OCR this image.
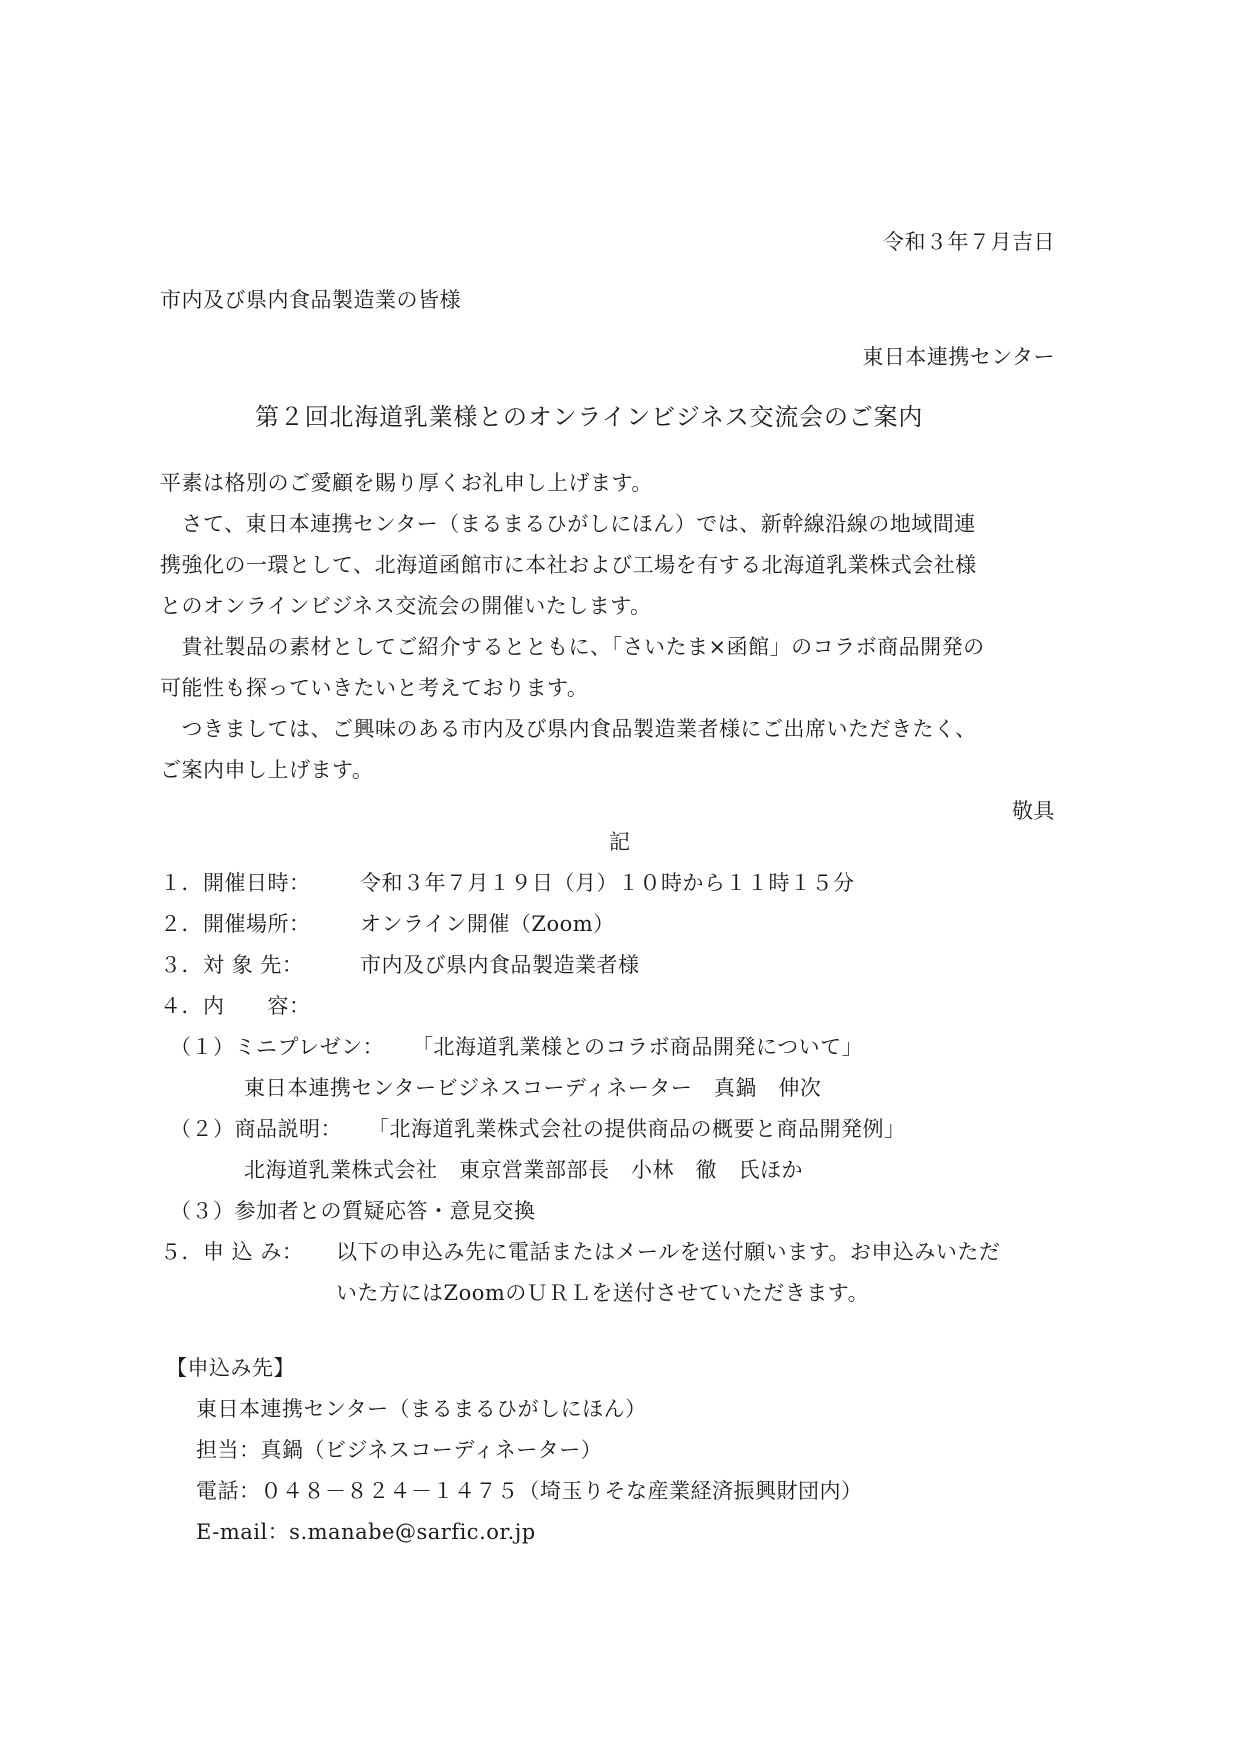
令和３年７月吉日
市内及び県内食品製造業の皆様
東日本連携センター
第２回北海道乳業様とのオンラインビジネス交流会のご案内
平素は格別のご愛顧を賜り厚くお礼申し上げます。
　さて、東日本連携センター（まるまるひがしにほん）では、新幹線沿線の地域間連
携強化の一環として、北海道函館市に本社および工場を有する北海道乳業株式会社様
とのオンラインビジネス交流会の開催いたします。
　貴社製品の素材としてご紹介するとともに、「さいたま×函館」のコラボ商品開発の
可能性も探っていきたいと考えております。
　つきましては、ご興味のある市内及び県内食品製造業者様にご出席いただきたく、
ご案内申し上げます。
敬具
記
１．開催日時： 令和３年７月１９日（月）１０時から１１時１５分
２．開催場所： オンライン開催（Zoom）
３．対 象 先：	市内及び県内食品製造業者様
４．内　　容：
（１）ミニプレゼン： 「北海道乳業様とのコラボ商品開発について」
東日本連携センタービジネスコーディネーター　真鍋　伸次
（２）商品説明： 「北海道乳業株式会社の提供商品の概要と商品開発例」
北海道乳業株式会社　東京営業部部長　小林　徹　氏ほか
（３）参加者との質疑応答・意見交換
５．申 込 み： 以下の申込み先に電話またはメールを送付願います。お申込みいただ
いた方にはZoomのＵＲＬを送付させていただきます。
【申込み先】
東日本連携センター（まるまるひがしにほん）
担当：真鍋（ビジネスコーディネーター）
電話：０４８－８２４－１４７５（埼玉りそな産業経済振興財団内）
E-mail：s.manabe@sarfic.or.jp
